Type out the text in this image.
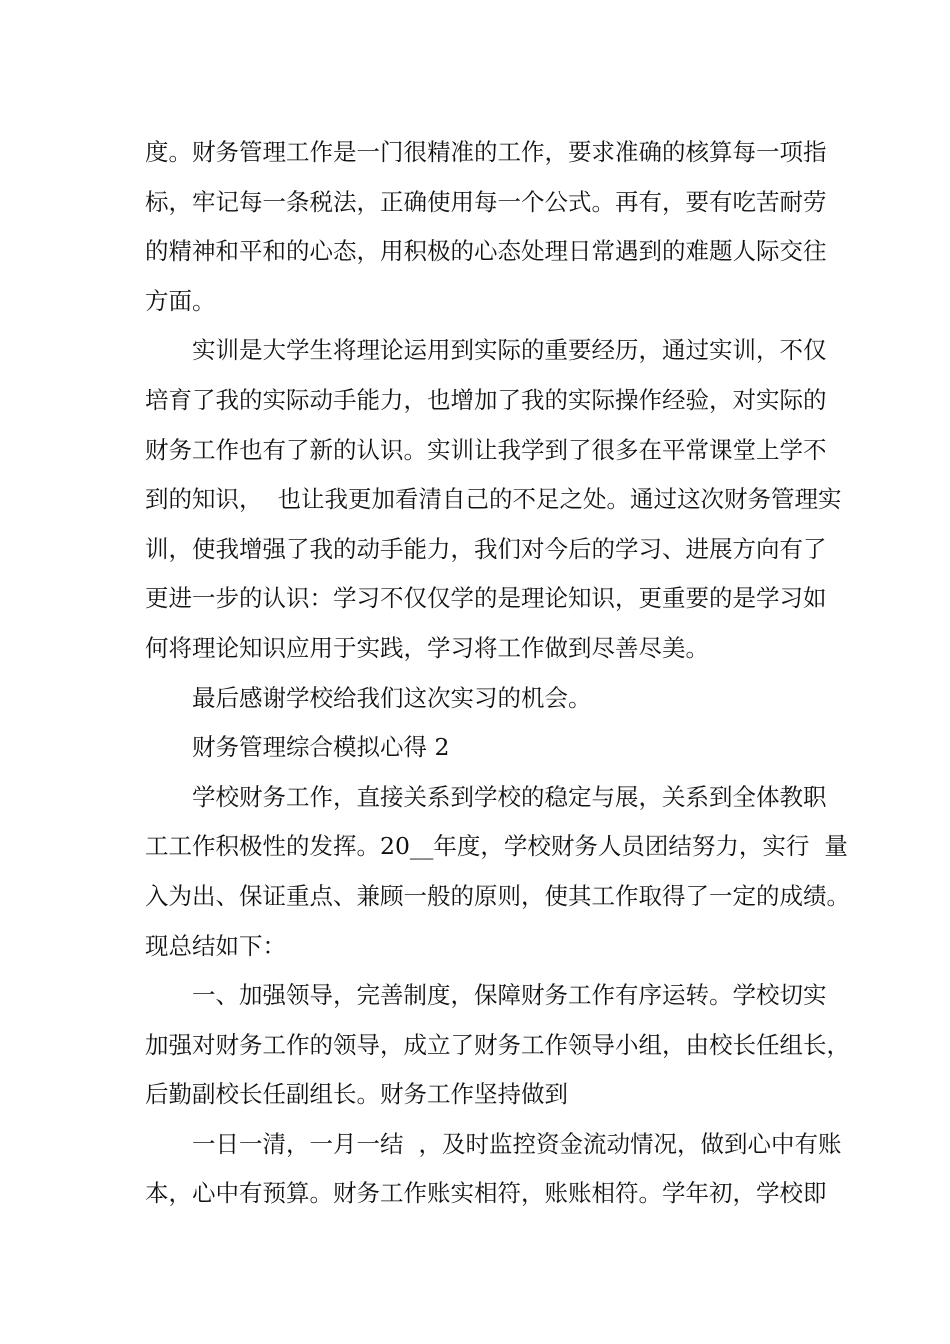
度。财务管理工作是一门很精准的工作，要求准确的核算每一项指
标，牢记每一条税法，正确使用每一个公式。再有，要有吃苦耐劳
的精神和平和的心态，用积极的心态处理日常遇到的难题人际交往
方面。
实训是大学生将理论运用到实际的重要经历，通过实训，不仅
培育了我的实际动手能力，也增加了我的实际操作经验，对实际的
财务工作也有了新的认识。实训让我学到了很多在平常课堂上学不
到的知识，  也让我更加看清自己的不足之处。通过这次财务管理实
训，使我增强了我的动手能力，我们对今后的学习、进展方向有了
更进一步的认识：学习不仅仅学的是理论知识，更重要的是学习如
何将理论知识应用于实践，学习将工作做到尽善尽美。
最后感谢学校给我们这次实习的机会。
财务管理综合模拟心得 2
学校财务工作，直接关系到学校的稳定与展，关系到全体教职
工工作积极性的发挥。20__年度，学校财务人员团结努力，实行  量
入为出、保证重点、兼顾一般的原则，使其工作取得了一定的成绩。
现总结如下：
一、加强领导，完善制度，保障财务工作有序运转。学校切实
加强对财务工作的领导，成立了财务工作领导小组，由校长任组长，
后勤副校长任副组长。财务工作坚持做到
一日一清，一月一结  ，及时监控资金流动情况，做到心中有账
本，心中有预算。财务工作账实相符，账账相符。学年初，学校即
